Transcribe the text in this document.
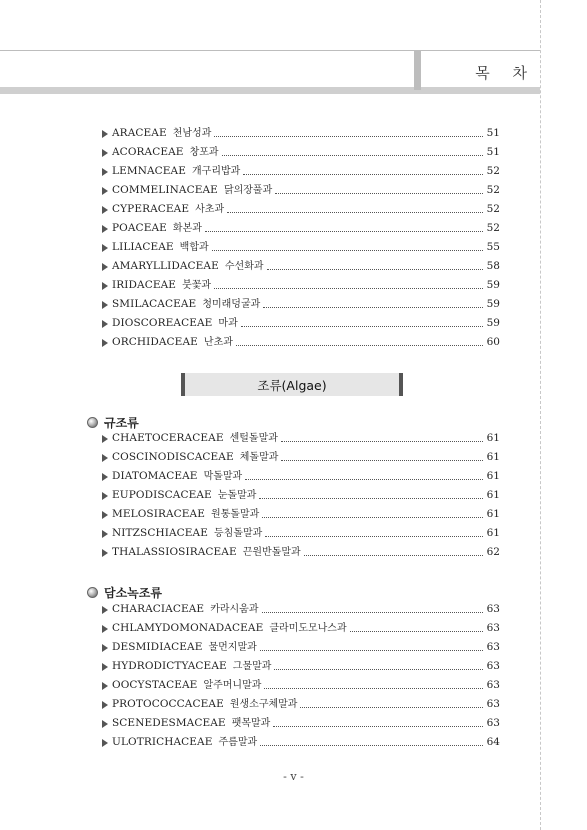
목 차
ARACEAE 천남성과	51
ACORACEAE 창포과	51
LEMNACEAE 개구리밥과	52
COMMELINACEAE 닭의장풀과	52
CYPERACEAE 사초과	52
POACEAE 화본과	52
LILIACEAE 백합과	55
AMARYLLIDACEAE 수선화과	58
IRIDACEAE 붓꽃과	59
SMILACACEAE 청미래덩굴과	59
DIOSCOREACEAE 마과	59
ORCHIDACEAE 난초과	60
조류(Algae)
규조류
CHAETOCERACEAE 센털돌말과	61
COSCINODISCACEAE 체돌말과	61
DIATOMACEAE 막돌말과	61
EUPODISCACEAE 눈돌말과	61
MELOSIRACEAE 원통돌말과	61
NITZSCHIACEAE 등침돌말과	61
THALASSIOSIRACEAE 끈원반돌말과	62
담소녹조류
CHARACIACEAE 카라시움과	63
CHLAMYDOMONADACEAE 클라미도모나스과	63
DESMIDIACEAE 물먼지말과	63
HYDRODICTYACEAE 그물말과	63
OOCYSTACEAE 알주머니말과	63
PROTOCOCCACEAE 원생소구체말과	63
SCENEDESMACEAE 팻목말과	63
ULOTRICHACEAE 주름말과	64
- v -
